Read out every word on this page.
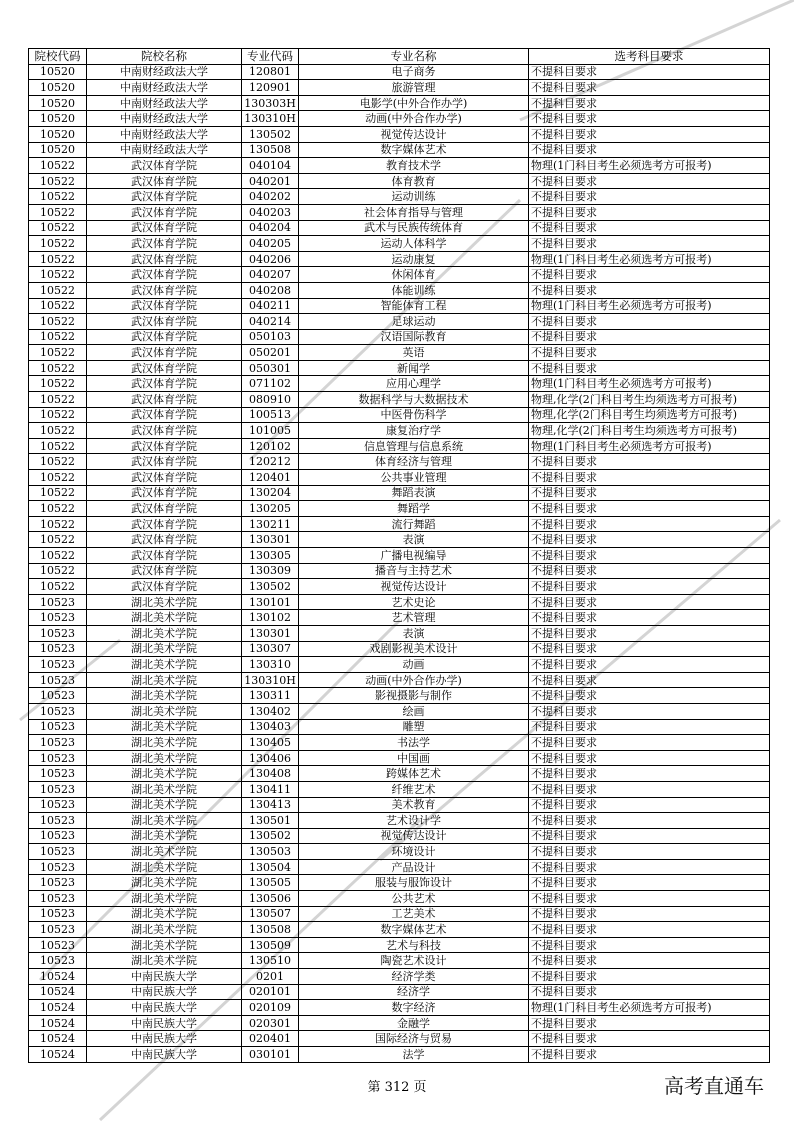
院校代码	院校名称	专业代码	专业名称	选考科目要求
10520	中南财经政法大学	120801	电子商务	不提科目要求
10520	中南财经政法大学	120901	旅游管理	不提科目要求
10520	中南财经政法大学	130303H	电影学(中外合作办学)	不提科目要求
10520	中南财经政法大学	130310H	动画(中外合作办学)	不提科目要求
10520	中南财经政法大学	130502	视觉传达设计	不提科目要求
10520	中南财经政法大学	130508	数字媒体艺术	不提科目要求
10522	武汉体育学院	040104	教育技术学	物理(1门科目考生必须选考方可报考)
10522	武汉体育学院	040201	体育教育	不提科目要求
10522	武汉体育学院	040202	运动训练	不提科目要求
10522	武汉体育学院	040203	社会体育指导与管理	不提科目要求
10522	武汉体育学院	040204	武术与民族传统体育	不提科目要求
10522	武汉体育学院	040205	运动人体科学	不提科目要求
10522	武汉体育学院	040206	运动康复	物理(1门科目考生必须选考方可报考)
10522	武汉体育学院	040207	休闲体育	不提科目要求
10522	武汉体育学院	040208	体能训练	不提科目要求
10522	武汉体育学院	040211	智能体育工程	物理(1门科目考生必须选考方可报考)
10522	武汉体育学院	040214	足球运动	不提科目要求
10522	武汉体育学院	050103	汉语国际教育	不提科目要求
10522	武汉体育学院	050201	英语	不提科目要求
10522	武汉体育学院	050301	新闻学	不提科目要求
10522	武汉体育学院	071102	应用心理学	物理(1门科目考生必须选考方可报考)
10522	武汉体育学院	080910	数据科学与大数据技术	物理,化学(2门科目考生均须选考方可报考)
10522	武汉体育学院	100513	中医骨伤科学	物理,化学(2门科目考生均须选考方可报考)
10522	武汉体育学院	101005	康复治疗学	物理,化学(2门科目考生均须选考方可报考)
10522	武汉体育学院	120102	信息管理与信息系统	物理(1门科目考生必须选考方可报考)
10522	武汉体育学院	120212	体育经济与管理	不提科目要求
10522	武汉体育学院	120401	公共事业管理	不提科目要求
10522	武汉体育学院	130204	舞蹈表演	不提科目要求
10522	武汉体育学院	130205	舞蹈学	不提科目要求
10522	武汉体育学院	130211	流行舞蹈	不提科目要求
10522	武汉体育学院	130301	表演	不提科目要求
10522	武汉体育学院	130305	广播电视编导	不提科目要求
10522	武汉体育学院	130309	播音与主持艺术	不提科目要求
10522	武汉体育学院	130502	视觉传达设计	不提科目要求
10523	湖北美术学院	130101	艺术史论	不提科目要求
10523	湖北美术学院	130102	艺术管理	不提科目要求
10523	湖北美术学院	130301	表演	不提科目要求
10523	湖北美术学院	130307	戏剧影视美术设计	不提科目要求
10523	湖北美术学院	130310	动画	不提科目要求
10523	湖北美术学院	130310H	动画(中外合作办学)	不提科目要求
10523	湖北美术学院	130311	影视摄影与制作	不提科目要求
10523	湖北美术学院	130402	绘画	不提科目要求
10523	湖北美术学院	130403	雕塑	不提科目要求
10523	湖北美术学院	130405	书法学	不提科目要求
10523	湖北美术学院	130406	中国画	不提科目要求
10523	湖北美术学院	130408	跨媒体艺术	不提科目要求
10523	湖北美术学院	130411	纤维艺术	不提科目要求
10523	湖北美术学院	130413	美术教育	不提科目要求
10523	湖北美术学院	130501	艺术设计学	不提科目要求
10523	湖北美术学院	130502	视觉传达设计	不提科目要求
10523	湖北美术学院	130503	环境设计	不提科目要求
10523	湖北美术学院	130504	产品设计	不提科目要求
10523	湖北美术学院	130505	服装与服饰设计	不提科目要求
10523	湖北美术学院	130506	公共艺术	不提科目要求
10523	湖北美术学院	130507	工艺美术	不提科目要求
10523	湖北美术学院	130508	数字媒体艺术	不提科目要求
10523	湖北美术学院	130509	艺术与科技	不提科目要求
10523	湖北美术学院	130510	陶瓷艺术设计	不提科目要求
10524	中南民族大学	0201	经济学类	不提科目要求
10524	中南民族大学	020101	经济学	不提科目要求
10524	中南民族大学	020109	数字经济	物理(1门科目考生必须选考方可报考)
10524	中南民族大学	020301	金融学	不提科目要求
10524	中南民族大学	020401	国际经济与贸易	不提科目要求
10524	中南民族大学	030101	法学	不提科目要求
第 312 页	高考直通车
